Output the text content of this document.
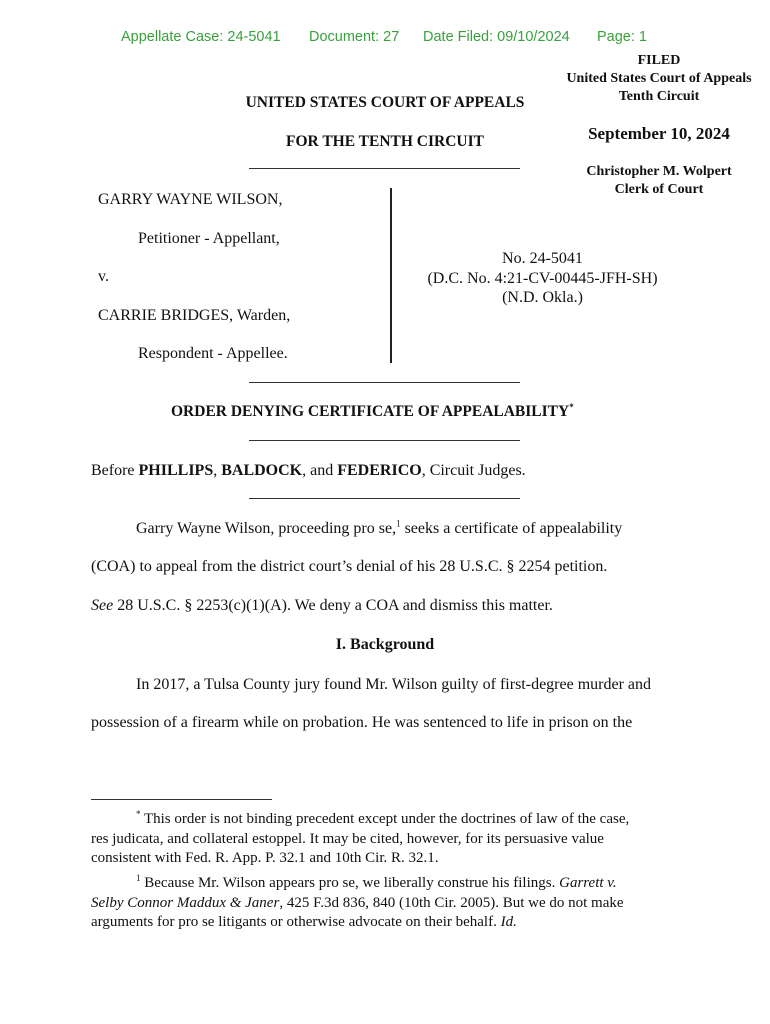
Appellate Case: 24-5041 Document: 27 Date Filed: 09/10/2024 Page: 1
FILED
United States Court of Appeals
Tenth Circuit
September 10, 2024
Christopher M. Wolpert
Clerk of Court
UNITED STATES COURT OF APPEALS
FOR THE TENTH CIRCUIT
GARRY WAYNE WILSON,
Petitioner - Appellant,
v.
CARRIE BRIDGES, Warden,
Respondent - Appellee.
No. 24-5041
(D.C. No. 4:21-CV-00445-JFH-SH)
(N.D. Okla.)
ORDER DENYING CERTIFICATE OF APPEALABILITY*
Before PHILLIPS, BALDOCK, and FEDERICO, Circuit Judges.
Garry Wayne Wilson, proceeding pro se,$^1$ seeks a certificate of appealability
(COA) to appeal from the district court’s denial of his 28 U.S.C. § 2254 petition.
See 28 U.S.C. § 2253(c)(1)(A). We deny a COA and dismiss this matter.
I. Background
In 2017, a Tulsa County jury found Mr. Wilson guilty of first-degree murder and
possession of a firearm while on probation. He was sentenced to life in prison on the
* This order is not binding precedent except under the doctrines of law of the case,
res judicata, and collateral estoppel. It may be cited, however, for its persuasive value
consistent with Fed. R. App. P. 32.1 and 10th Cir. R. 32.1.
$^1$ Because Mr. Wilson appears pro se, we liberally construe his filings. Garrett v.
Selby Connor Maddux & Janer, 425 F.3d 836, 840 (10th Cir. 2005). But we do not make
arguments for pro se litigants or otherwise advocate on their behalf. Id.
